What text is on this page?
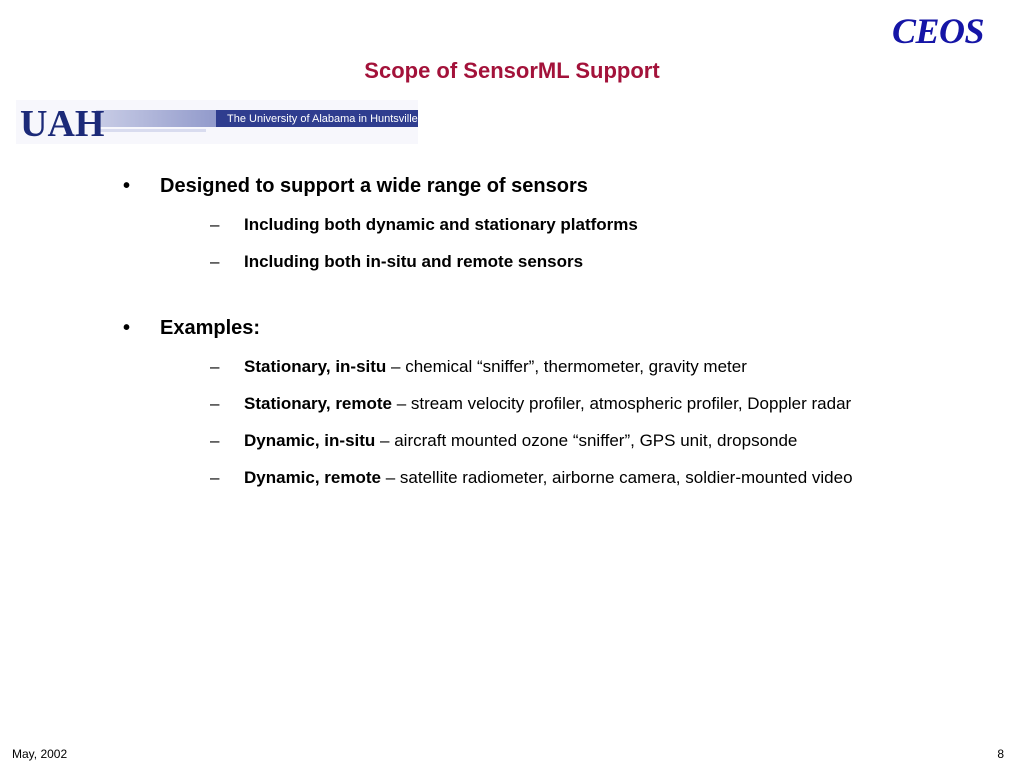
CEOS
Scope of SensorML Support
UAH	The University of Alabama in Huntsville
• Designed to support a wide range of sensors
– Including both dynamic and stationary platforms
– Including both in-situ and remote sensors
• Examples:
– Stationary, in-situ – chemical “sniffer”, thermometer, gravity meter
– Stationary, remote – stream velocity profiler, atmospheric profiler, Doppler radar
– Dynamic, in-situ – aircraft mounted ozone “sniffer”, GPS unit, dropsonde
– Dynamic, remote – satellite radiometer, airborne camera, soldier-mounted video
May, 2002	8
